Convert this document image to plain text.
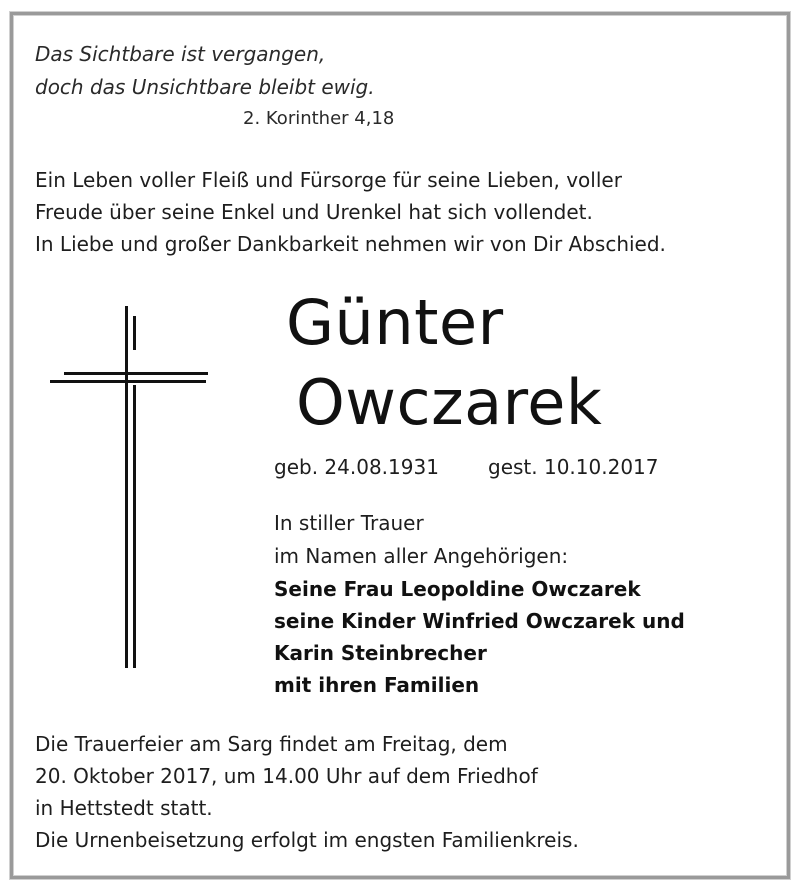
Das Sichtbare ist vergangen,
doch das Unsichtbare bleibt ewig.
2. Korinther 4,18
Ein Leben voller Fleiß und Fürsorge für seine Lieben, voller
Freude über seine Enkel und Urenkel hat sich vollendet.
In Liebe und großer Dankbarkeit nehmen wir von Dir Abschied.
Günter
Owczarek
geb. 24.08.1931 gest. 10.10.2017
In stiller Trauer
im Namen aller Angehörigen:
Seine Frau Leopoldine Owczarek
seine Kinder Winfried Owczarek und
Karin Steinbrecher
mit ihren Familien
Die Trauerfeier am Sarg findet am Freitag, dem
20. Oktober 2017, um 14.00 Uhr auf dem Friedhof
in Hettstedt statt.
Die Urnenbeisetzung erfolgt im engsten Familienkreis.
